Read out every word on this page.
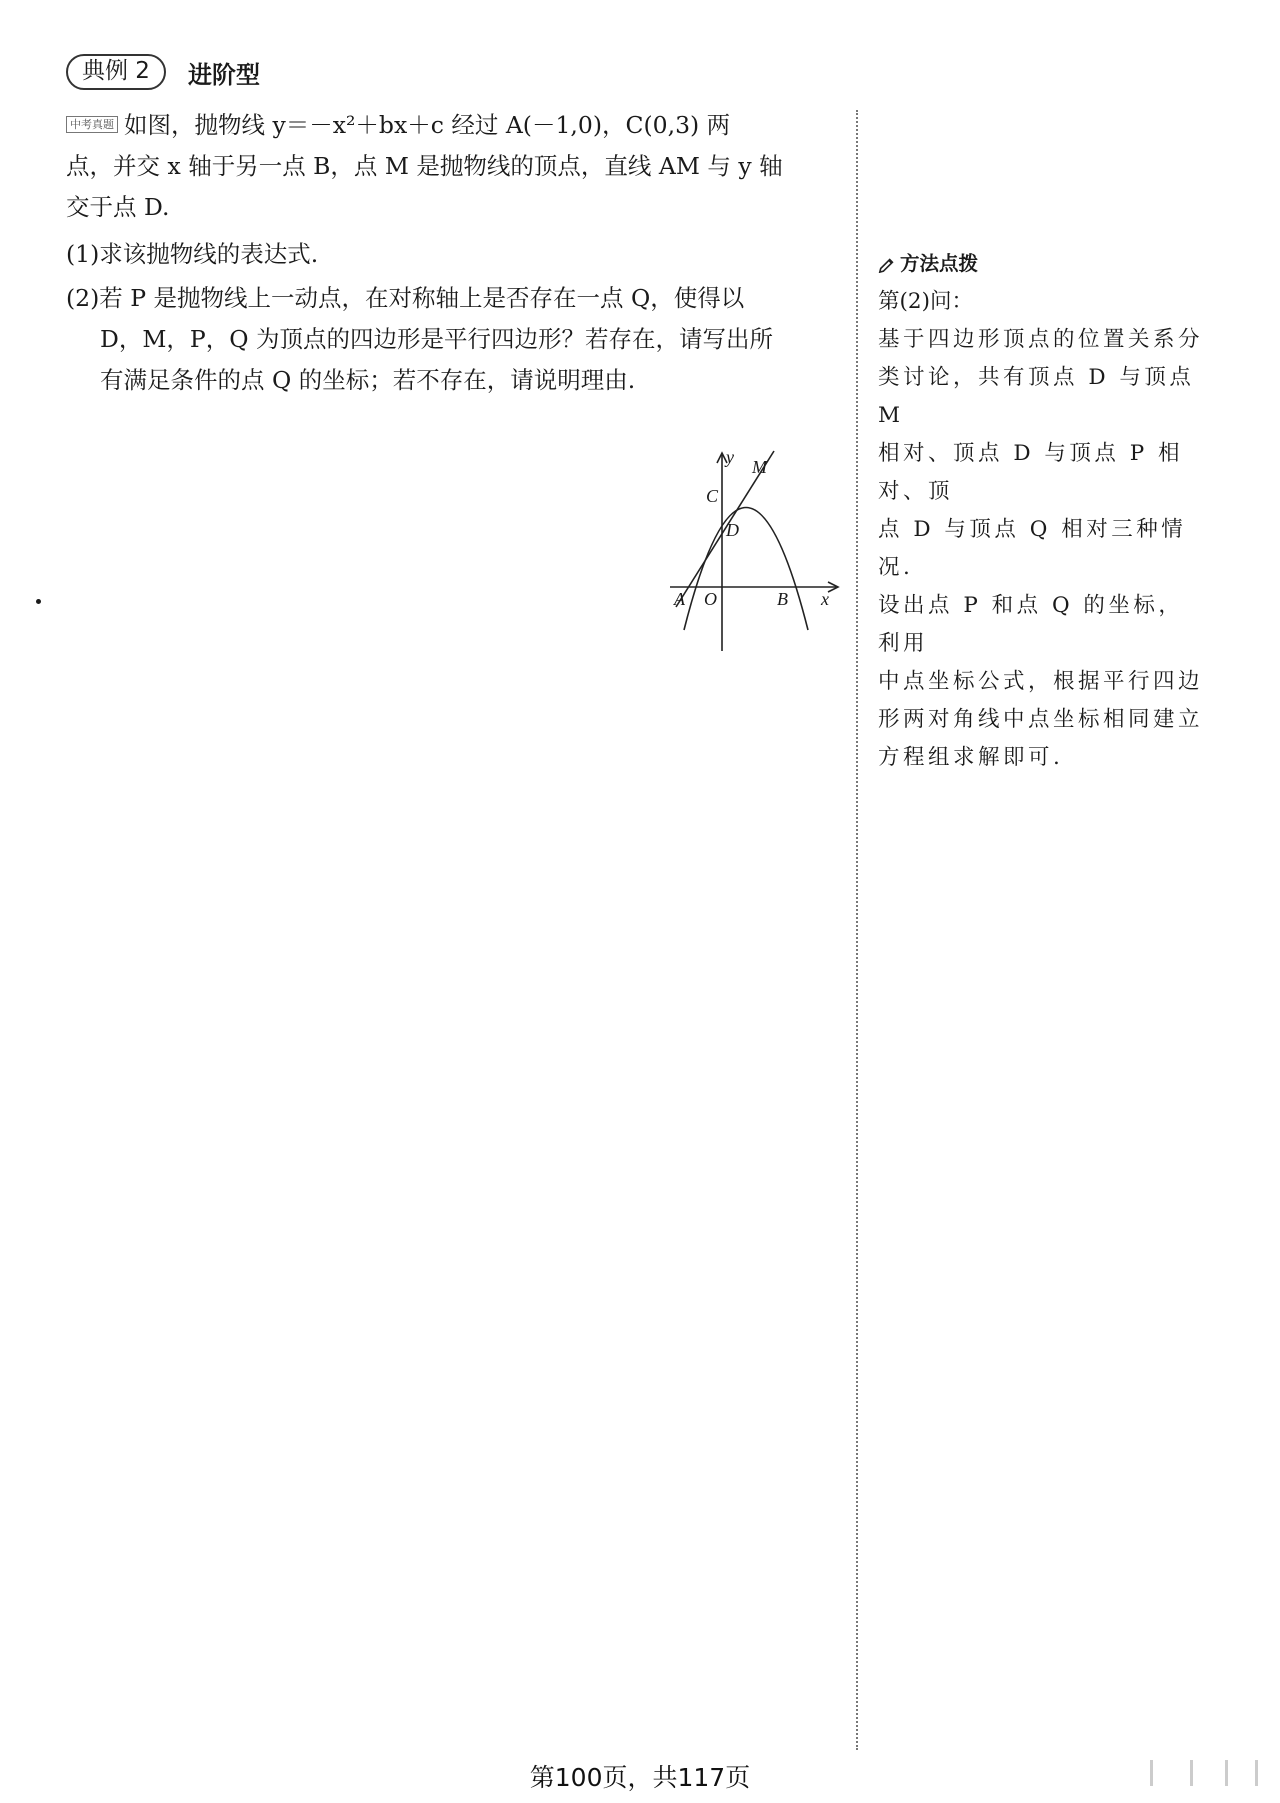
典例 2	进阶型
中考真题 如图，抛物线 y＝－x²＋bx＋c 经过 A(－1,0)，C(0,3) 两
点，并交 x 轴于另一点 B，点 M 是抛物线的顶点，直线 AM 与 y 轴
交于点 D.
(1)求该抛物线的表达式.
(2)若 P 是抛物线上一动点，在对称轴上是否存在一点 Q，使得以
D，M，P，Q 为顶点的四边形是平行四边形？若存在，请写出所
有满足条件的点 Q 的坐标；若不存在，请说明理由.
y M
C
D
A O	B x
方法点拨

第(2)问：

基于四边形顶点的位置关系分

类讨论，共有顶点 D 与顶点 M

相对、顶点 D 与顶点 P 相对、顶

点 D 与顶点 Q 相对三种情况.

设出点 P 和点 Q 的坐标，利用

中点坐标公式，根据平行四边

形两对角线中点坐标相同建立

方程组求解即可.

第100页，共117页
